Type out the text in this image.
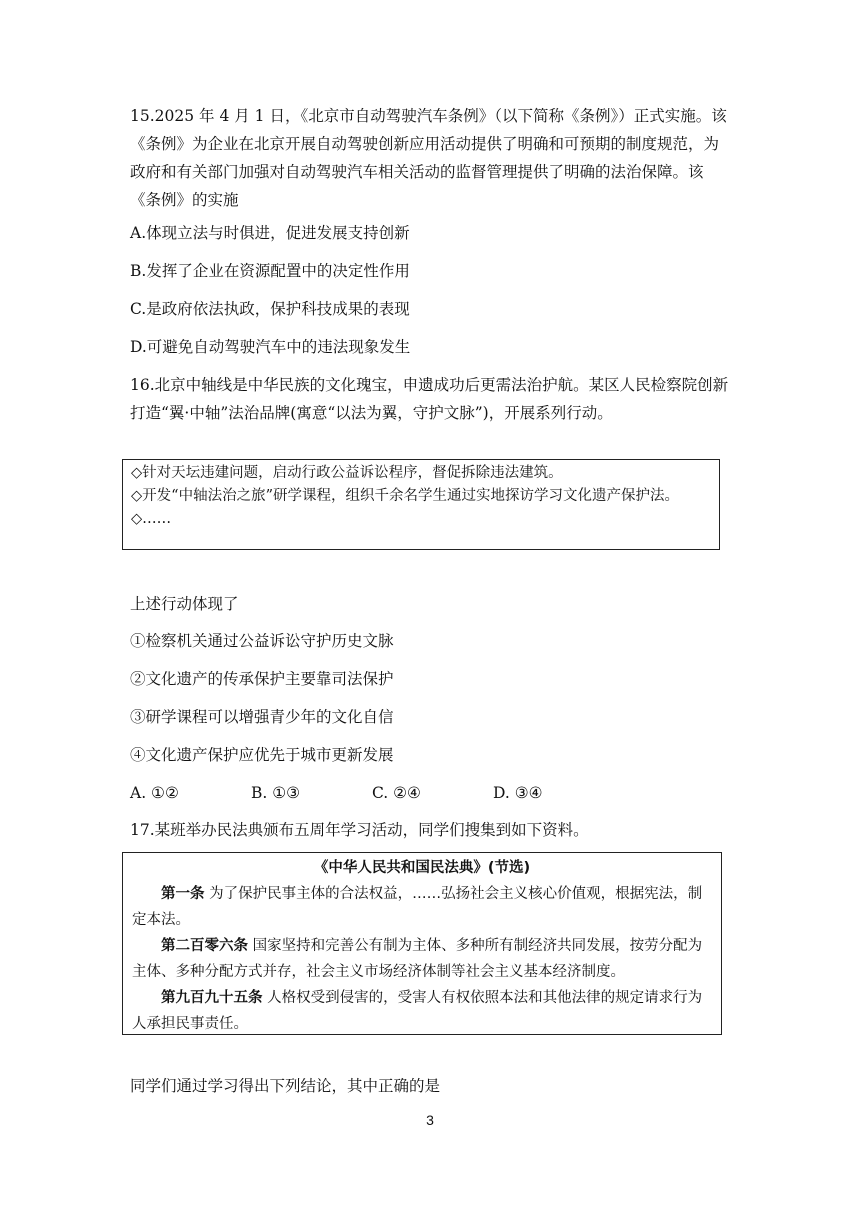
15.2025 年 4 月 1 日，《北京市自动驾驶汽车条例》（以下简称《条例》）正式实施。该《条例》为企业在北京开展自动驾驶创新应用活动提供了明确和可预期的制度规范，为政府和有关部门加强对自动驾驶汽车相关活动的监督管理提供了明确的法治保障。该《条例》的实施

A.体现立法与时俱进，促进发展支持创新

B.发挥了企业在资源配置中的决定性作用

C.是政府依法执政，保护科技成果的表现

D.可避免自动驾驶汽车中的违法现象发生

16.北京中轴线是中华民族的文化瑰宝，申遗成功后更需法治护航。某区人民检察院创新打造“翼·中轴”法治品牌(寓意“以法为翼，守护文脉”)，开展系列行动。

◇针对天坛违建问题，启动行政公益诉讼程序，督促拆除违法建筑。
◇开发“中轴法治之旅”研学课程，组织千余名学生通过实地探访学习文化遗产保护法。
◇……

上述行动体现了

①检察机关通过公益诉讼守护历史文脉

②文化遗产的传承保护主要靠司法保护

③研学课程可以增强青少年的文化自信

④文化遗产保护应优先于城市更新发展

A. ①②	B. ①③	C. ②④	D. ③④

17.某班举办民法典颁布五周年学习活动，同学们搜集到如下资料。

《中华人民共和国民法典》(节选)

第一条 为了保护民事主体的合法权益，……弘扬社会主义核心价值观，根据宪法，制定本法。

第二百零六条 国家坚持和完善公有制为主体、多种所有制经济共同发展，按劳分配为主体、多种分配方式并存，社会主义市场经济体制等社会主义基本经济制度。

第九百九十五条 人格权受到侵害的，受害人有权依照本法和其他法律的规定请求行为人承担民事责任。

同学们通过学习得出下列结论，其中正确的是

3
